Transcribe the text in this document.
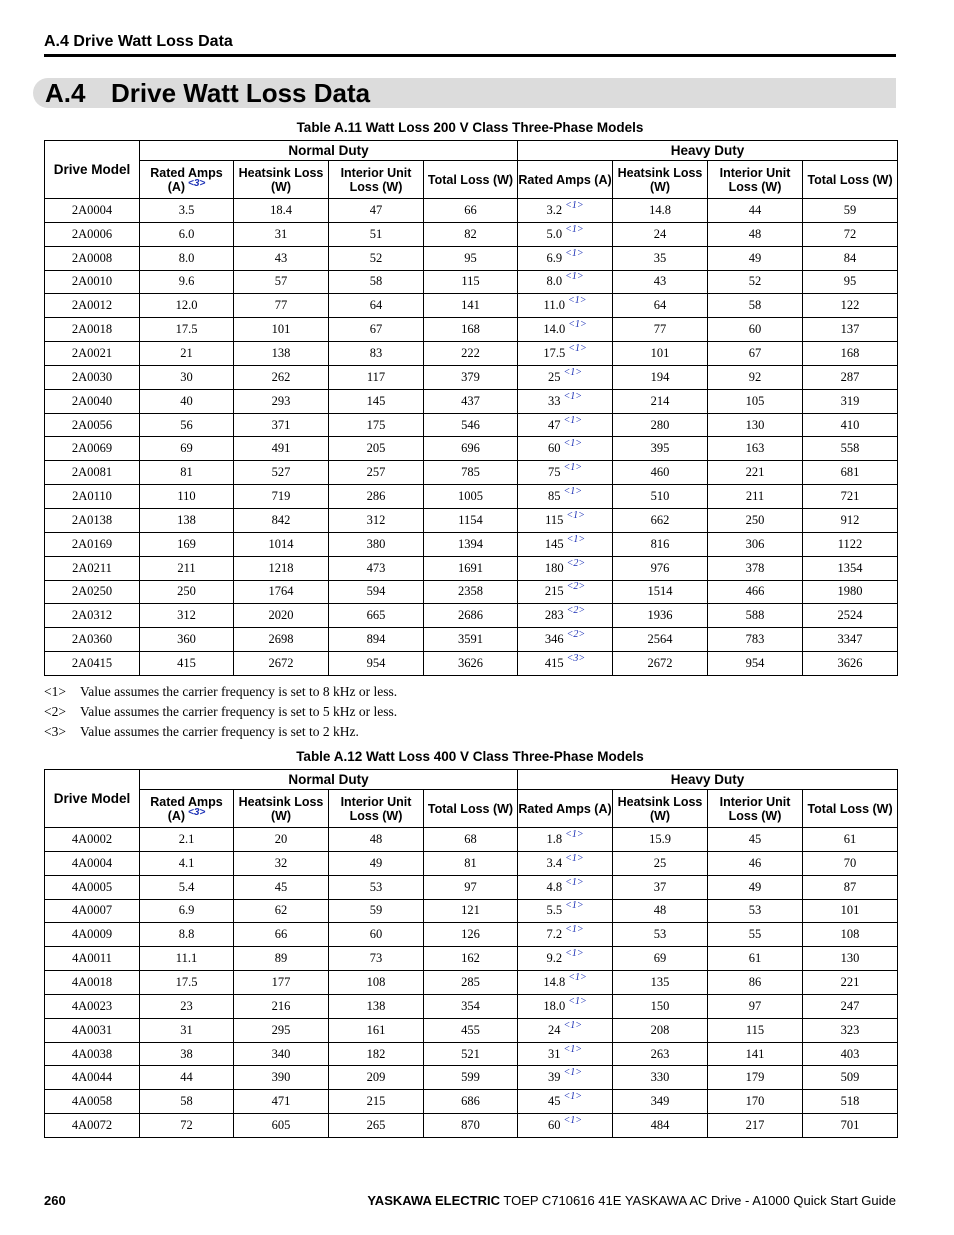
A.4 Drive Watt Loss Data
A.4 Drive Watt Loss Data
Table A.11 Watt Loss 200 V Class Three-Phase Models
Drive Model	Normal Duty				Heavy Duty			
	Rated Amps (A) $^{<3>}$	Heatsink Loss (W)	Interior Unit Loss (W)	Total Loss (W)	Rated Amps (A)	Heatsink Loss (W)	Interior Unit Loss (W)	Total Loss (W)
2A0004	3.5	18.4	47	66	3.2 $^{<1>}$	14.8	44	59
2A0006	6.0	31	51	82	5.0 $^{<1>}$	24	48	72
2A0008	8.0	43	52	95	6.9 $^{<1>}$	35	49	84
2A0010	9.6	57	58	115	8.0 $^{<1>}$	43	52	95
2A0012	12.0	77	64	141	11.0 $^{<1>}$	64	58	122
2A0018	17.5	101	67	168	14.0 $^{<1>}$	77	60	137
2A0021	21	138	83	222	17.5 $^{<1>}$	101	67	168
2A0030	30	262	117	379	25 $^{<1>}$	194	92	287
2A0040	40	293	145	437	33 $^{<1>}$	214	105	319
2A0056	56	371	175	546	47 $^{<1>}$	280	130	410
2A0069	69	491	205	696	60 $^{<1>}$	395	163	558
2A0081	81	527	257	785	75 $^{<1>}$	460	221	681
2A0110	110	719	286	1005	85 $^{<1>}$	510	211	721
2A0138	138	842	312	1154	115 $^{<1>}$	662	250	912
2A0169	169	1014	380	1394	145 $^{<1>}$	816	306	1122
2A0211	211	1218	473	1691	180 $^{<2>}$	976	378	1354
2A0250	250	1764	594	2358	215 $^{<2>}$	1514	466	1980
2A0312	312	2020	665	2686	283 $^{<2>}$	1936	588	2524
2A0360	360	2698	894	3591	346 $^{<2>}$	2564	783	3347
2A0415	415	2672	954	3626	415 $^{<3>}$	2672	954	3626
<1>	Value assumes the carrier frequency is set to 8 kHz or less.
<2>	Value assumes the carrier frequency is set to 5 kHz or less.
<3>	Value assumes the carrier frequency is set to 2 kHz.
Table A.12 Watt Loss 400 V Class Three-Phase Models
Drive Model	Normal Duty				Heavy Duty			
	Rated Amps (A) $^{<3>}$	Heatsink Loss (W)	Interior Unit Loss (W)	Total Loss (W)	Rated Amps (A)	Heatsink Loss (W)	Interior Unit Loss (W)	Total Loss (W)
4A0002	2.1	20	48	68	1.8 $^{<1>}$	15.9	45	61
4A0004	4.1	32	49	81	3.4 $^{<1>}$	25	46	70
4A0005	5.4	45	53	97	4.8 $^{<1>}$	37	49	87
4A0007	6.9	62	59	121	5.5 $^{<1>}$	48	53	101
4A0009	8.8	66	60	126	7.2 $^{<1>}$	53	55	108
4A0011	11.1	89	73	162	9.2 $^{<1>}$	69	61	130
4A0018	17.5	177	108	285	14.8 $^{<1>}$	135	86	221
4A0023	23	216	138	354	18.0 $^{<1>}$	150	97	247
4A0031	31	295	161	455	24 $^{<1>}$	208	115	323
4A0038	38	340	182	521	31 $^{<1>}$	263	141	403
4A0044	44	390	209	599	39 $^{<1>}$	330	179	509
4A0058	58	471	215	686	45 $^{<1>}$	349	170	518
4A0072	72	605	265	870	60 $^{<1>}$	484	217	701
260	YASKAWA ELECTRIC TOEP C710616 41E YASKAWA AC Drive - A1000 Quick Start Guide
